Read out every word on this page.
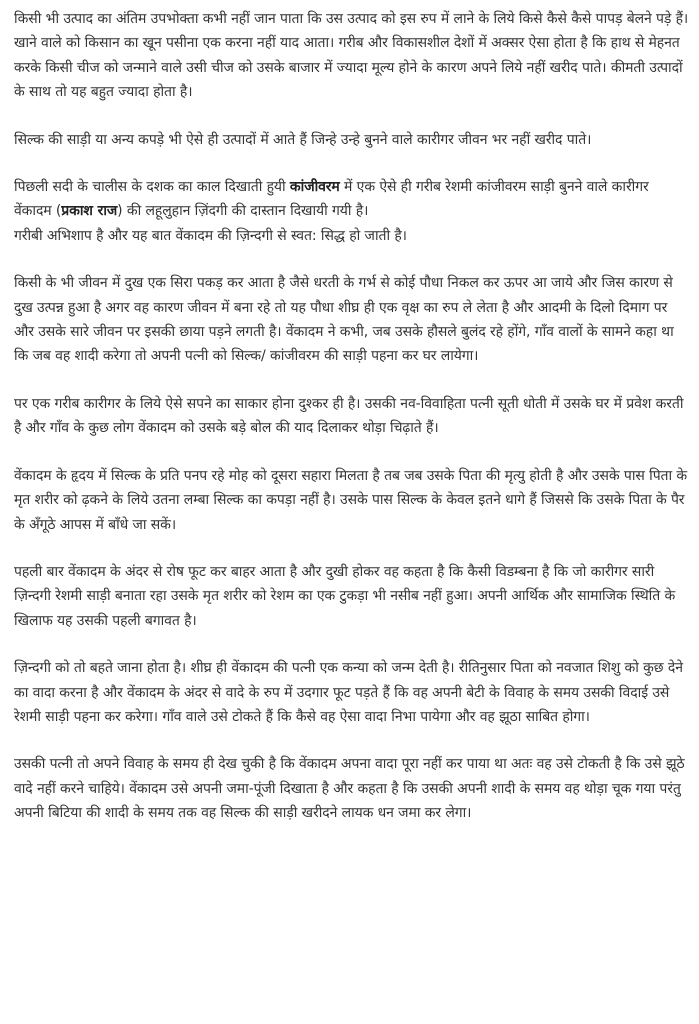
किसी भी उत्पाद का अंतिम उपभोक्ता कभी नहीं जान पाता कि उस उत्पाद को इस रुप में लाने के लिये किसे कैसे कैसे पापड़ बेलने पड़े हैं। खाने वाले को किसान का खून पसीना एक करना नहीं याद आता। गरीब और विकासशील देशों में अक्सर ऐसा होता है कि हाथ से मेहनत करके किसी चीज को जन्माने वाले उसी चीज को उसके बाजार में ज्यादा मूल्य होने के कारण अपने लिये नहीं खरीद पाते। कीमती उत्पादों के साथ तो यह बहुत ज्यादा होता है।

सिल्क की साड़ी या अन्य कपड़े भी ऐसे ही उत्पादों में आते हैं जिन्हे उन्हे बुनने वाले कारीगर जीवन भर नहीं खरीद पाते।

पिछली सदी के चालीस के दशक का काल दिखाती हुयी कांजीवरम में एक ऐसे ही गरीब रेशमी कांजीवरम साड़ी बुनने वाले कारीगर वेंकादम (प्रकाश राज) की लहूलुहान ज़िंदगी की दास्तान दिखायी गयी है।

गरीबी अभिशाप है और यह बात वेंकादम की ज़िन्दगी से स्वत: सिद्ध हो जाती है।

किसी के भी जीवन में दुख एक सिरा पकड़ कर आता है जैसे धरती के गर्भ से कोई पौधा निकल कर ऊपर आ जाये और जिस कारण से दुख उत्पन्न हुआ है अगर वह कारण जीवन में बना रहे तो यह पौधा शीघ्र ही एक वृक्ष का रुप ले लेता है और आदमी के दिलो दिमाग पर और उसके सारे जीवन पर इसकी छाया पड़ने लगती है। वेंकादम ने कभी, जब उसके हौसले बुलंद रहे होंगे, गाँव वालों के सामने कहा था कि जब वह शादी करेगा तो अपनी पत्नी को सिल्क/ कांजीवरम की साड़ी पहना कर घर लायेगा।

पर एक गरीब कारीगर के लिये ऐसे सपने का साकार होना दुश्कर ही है। उसकी नव-विवाहिता पत्नी सूती धोती में उसके घर में प्रवेश करती है और गाँव के कुछ लोग वेंकादम को उसके बड़े बोल की याद दिलाकर थोड़ा चिढ़ाते हैं।

वेंकादम के हृदय में सिल्क के प्रति पनप रहे मोह को दूसरा सहारा मिलता है तब जब उसके पिता की मृत्यु होती है और उसके पास पिता के मृत शरीर को ढ़कने के लिये उतना लम्बा सिल्क का कपड़ा नहीं है। उसके पास सिल्क के केवल इतने धागे हैं जिससे कि उसके पिता के पैर के अँगूठे आपस में बाँधे जा सकें।

पहली बार वेंकादम के अंदर से रोष फूट कर बाहर आता है और दुखी होकर वह कहता है कि कैसी विडम्बना है कि जो कारीगर सारी ज़िन्दगी रेशमी साड़ी बनाता रहा उसके मृत शरीर को रेशम का एक टुकड़ा भी नसीब नहीं हुआ। अपनी आर्थिक और सामाजिक स्थिति के खिलाफ यह उसकी पहली बगावत है।

ज़िन्दगी को तो बहते जाना होता है। शीघ्र ही वेंकादम की पत्नी एक कन्या को जन्म देती है। रीतिनुसार पिता को नवजात शिशु को कुछ देने का वादा करना है और वेंकादम के अंदर से वादे के रुप में उदगार फूट पड़ते हैं कि वह अपनी बेटी के विवाह के समय उसकी विदाई उसे रेशमी साड़ी पहना कर करेगा। गाँव वाले उसे टोकते हैं कि कैसे वह ऐसा वादा निभा पायेगा और वह झूठा साबित होगा।

उसकी पत्नी तो अपने विवाह के समय ही देख चुकी है कि वेंकादम अपना वादा पूरा नहीं कर पाया था अतः वह उसे टोकती है कि उसे झूठे वादे नहीं करने चाहिये। वेंकादम उसे अपनी जमा-पूंजी दिखाता है और कहता है कि उसकी अपनी शादी के समय वह थोड़ा चूक गया परंतु अपनी बिटिया की शादी के समय तक वह सिल्क की साड़ी खरीदने लायक धन जमा कर लेगा।
